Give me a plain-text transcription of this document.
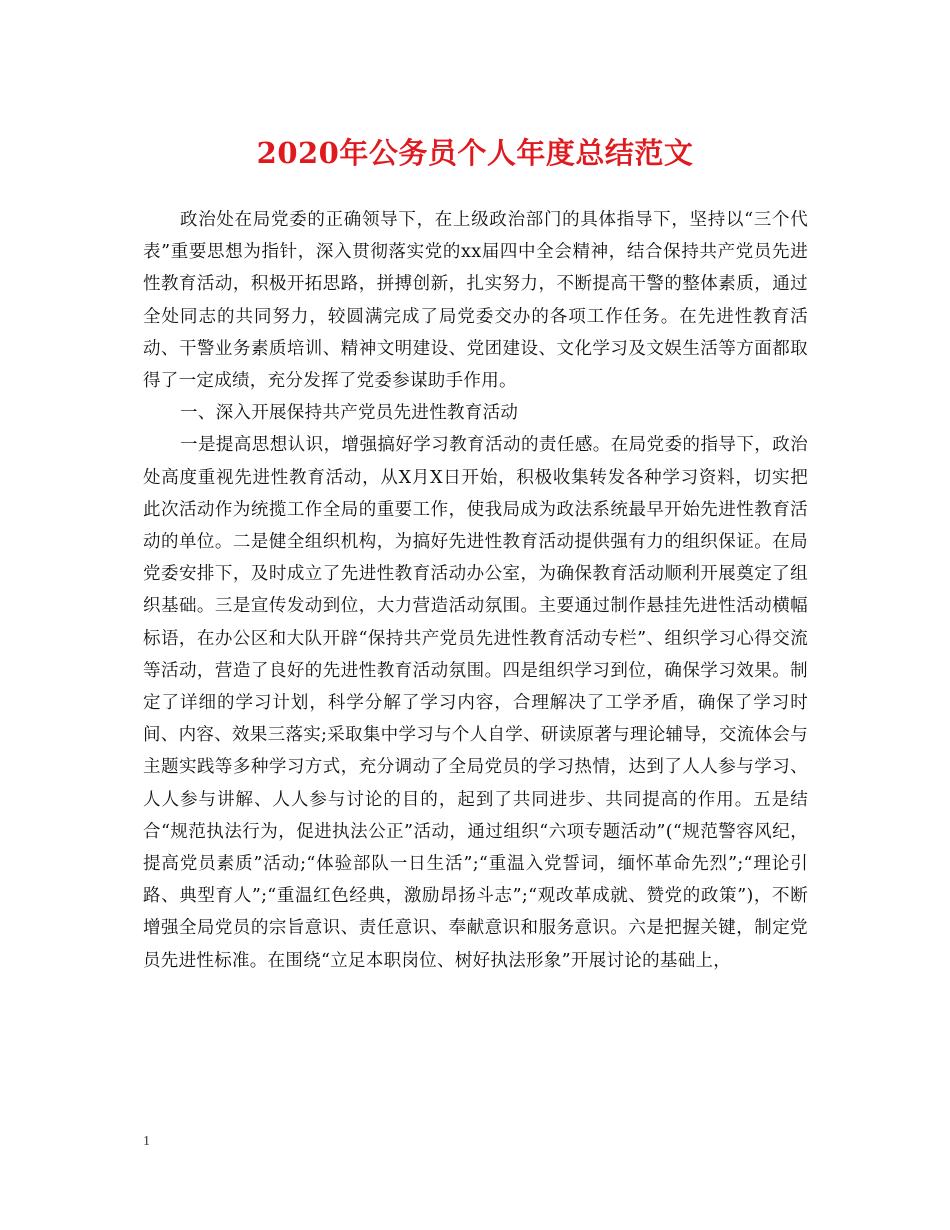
2020年公务员个人年度总结范文

政治处在局党委的正确领导下，在上级政治部门的具体指导下，坚持以“三个代表”重要思想为指针，深入贯彻落实党的xx届四中全会精神，结合保持共产党员先进性教育活动，积极开拓思路，拼搏创新，扎实努力，不断提高干警的整体素质，通过全处同志的共同努力，较圆满完成了局党委交办的各项工作任务。在先进性教育活动、干警业务素质培训、精神文明建设、党团建设、文化学习及文娱生活等方面都取得了一定成绩，充分发挥了党委参谋助手作用。

一、深入开展保持共产党员先进性教育活动

一是提高思想认识，增强搞好学习教育活动的责任感。在局党委的指导下，政治处高度重视先进性教育活动，从X月X日开始，积极收集转发各种学习资料，切实把此次活动作为统揽工作全局的重要工作，使我局成为政法系统最早开始先进性教育活动的单位。二是健全组织机构，为搞好先进性教育活动提供强有力的组织保证。在局党委安排下，及时成立了先进性教育活动办公室，为确保教育活动顺利开展奠定了组织基础。三是宣传发动到位，大力营造活动氛围。主要通过制作悬挂先进性活动横幅标语，在办公区和大队开辟“保持共产党员先进性教育活动专栏”、组织学习心得交流等活动，营造了良好的先进性教育活动氛围。四是组织学习到位，确保学习效果。制定了详细的学习计划，科学分解了学习内容，合理解决了工学矛盾，确保了学习时间、内容、效果三落实;采取集中学习与个人自学、研读原著与理论辅导，交流体会与主题实践等多种学习方式，充分调动了全局党员的学习热情，达到了人人参与学习、人人参与讲解、人人参与讨论的目的，起到了共同进步、共同提高的作用。五是结合“规范执法行为，促进执法公正”活动，通过组织“六项专题活动”(“规范警容风纪，提高党员素质”活动;“体验部队一日生活”;“重温入党誓词，缅怀革命先烈”;“理论引路、典型育人”;“重温红色经典，激励昂扬斗志”;“观改革成就、赞党的政策”)，不断增强全局党员的宗旨意识、责任意识、奉献意识和服务意识。六是把握关键，制定党员先进性标准。在围绕“立足本职岗位、树好执法形象”开展讨论的基础上，

1
